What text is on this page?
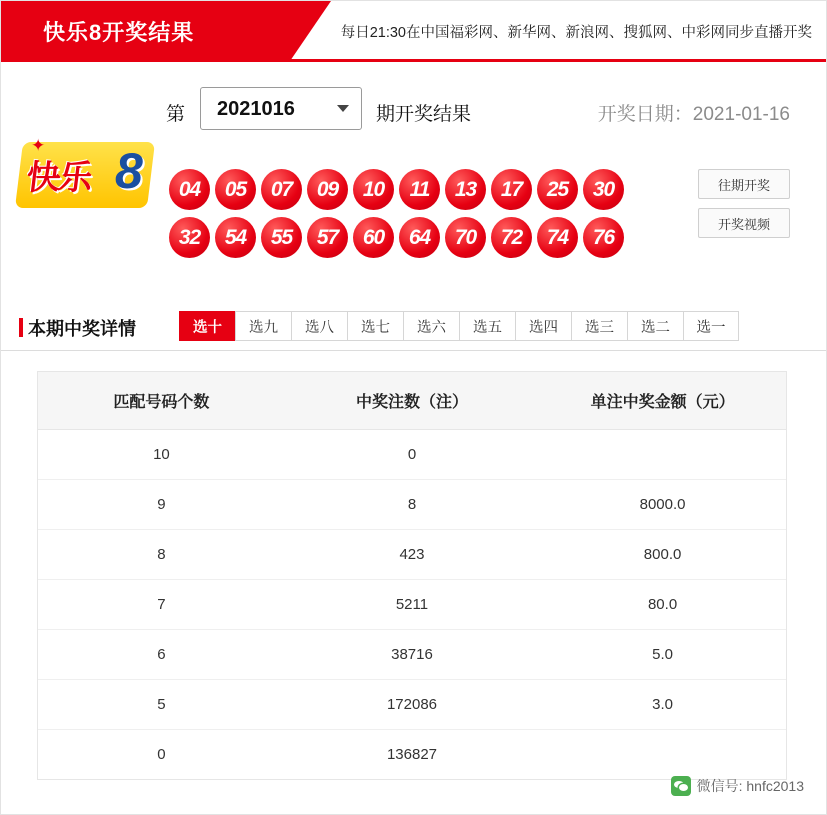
快乐8开奖结果	每日21:30在中国福彩网、新华网、新浪网、搜狐网、中彩网同步直播开奖
第
2021016	期开奖结果	开奖日期：2021-01-16
✦
快乐 8	04	05	07	09	10	11	13	17	25	30
32	54	55	57	60	64	70	72	74	76
往期开奖
开奖视频
本期中奖详情	选十	选九	选八	选七	选六	选五	选四	选三	选二	选一
匹配号码个数	中奖注数（注）	单注中奖金额（元）
10	0	
9	8	8000.0
8	423	800.0
7	5211	80.0
6	38716	5.0
5	172086	3.0
0	136827	
微信号: hnfc2013
